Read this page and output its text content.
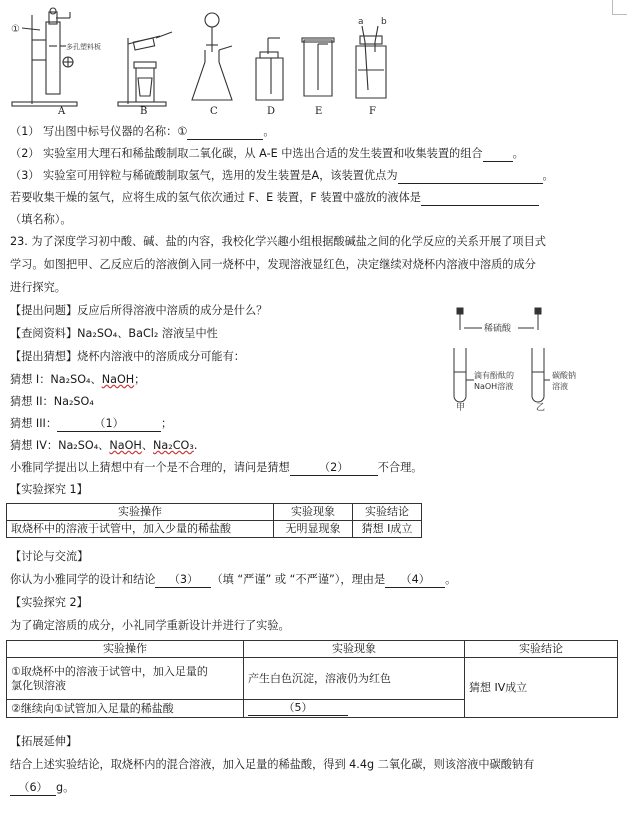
①
多孔塑料板
a b
A	B	C	D	E	F
（1） 写出图中标号仪器的名称：①	。
（2） 实验室用大理石和稀盐酸制取二氧化碳，从 A-E 中选出合适的发生装置和收集装置的组合	。
（3） 实验室可用锌粒与稀硫酸制取氢气，选用的发生装置是A，该装置优点为	。
若要收集干燥的氢气，应将生成的氢气依次通过 F、E 装置，F 装置中盛放的液体是
（填名称）。
23. 为了深度学习初中酸、碱、盐的内容，我校化学兴趣小组根据酸碱盐之间的化学反应的关系开展了项目式
学习。如图把甲、乙反应后的溶液倒入同一烧杯中，发现溶液显红色，决定继续对烧杯内溶液中溶质的成分
进行探究。
【提出问题】反应后所得溶液中溶质的成分是什么？
【查阅资料】Na₂SO₄、BaCl₂ 溶液呈中性
【提出猜想】烧杯内溶液中的溶质成分可能有：
猜想 I：Na₂SO₄、NaOH；
猜想 II：Na₂SO₄
猜想 III：	（1）	；
猜想 IV：Na₂SO₄、NaOH、Na₂CO₃.
小雅同学提出以上猜想中有一个是不合理的，请问是猜想	（2）	不合理。
【实验探究 1】
稀硫酸
滴有酚酞的
NaOH溶液
碳酸钠
溶液
甲	乙
实验操作	实验现象	实验结论
取烧杯中的溶液于试管中，加入少量的稀盐酸	无明显现象	猜想 I成立
【讨论与交流】
你认为小雅同学的设计和结论 （3） （填 “严谨” 或 “不严谨”），理由是 （4） 。
【实验探究 2】
为了确定溶质的成分，小礼同学重新设计并进行了实验。
实验操作	实验现象	实验结论
①取烧杯中的溶液于试管中，加入足量的
氯化钡溶液	产生白色沉淀，溶液仍为红色	猜想 IV成立
②继续向①试管加入足量的稀盐酸	（5）	
【拓展延伸】
结合上述实验结论，取烧杯内的混合溶液，加入足量的稀盐酸，得到 4.4g 二氧化碳，则该溶液中碳酸钠有
（6） g。
